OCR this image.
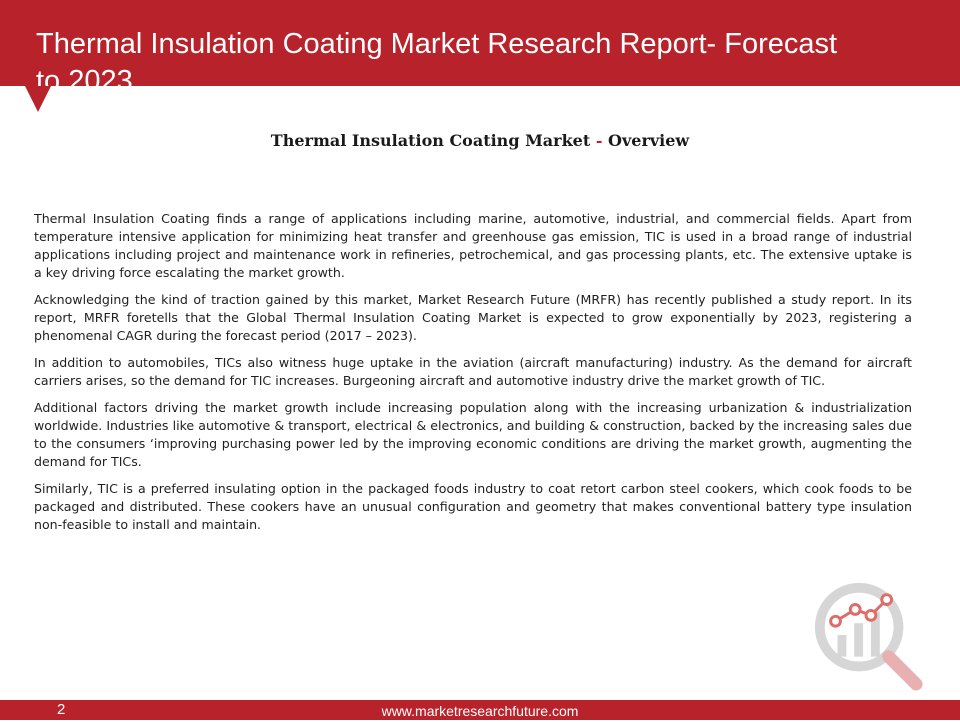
Thermal Insulation Coating Market Research Report- Forecast

Thermal Insulation Coating Market - Overview

Thermal Insulation Coating finds a range of applications including marine, automotive, industrial, and commercial fields. Apart from temperature intensive application for minimizing heat transfer and greenhouse gas emission, TIC is used in a broad range of industrial applications including project and maintenance work in refineries, petrochemical, and gas processing plants, etc. The extensive uptake is a key driving force escalating the market growth.

Acknowledging the kind of traction gained by this market, Market Research Future (MRFR) has recently published a study report. In its report, MRFR foretells that the Global Thermal Insulation Coating Market is expected to grow exponentially by 2023, registering a phenomenal CAGR during the forecast period (2017 – 2023).

In addition to automobiles, TICs also witness huge uptake in the aviation (aircraft manufacturing) industry. As the demand for aircraft carriers arises, so the demand for TIC increases. Burgeoning aircraft and automotive industry drive the market growth of TIC.

Additional factors driving the market growth include increasing population along with the increasing urbanization & industrialization worldwide. Industries like automotive & transport, electrical & electronics, and building & construction, backed by the increasing sales due to the consumers ‘improving purchasing power led by the improving economic conditions are driving the market growth, augmenting the demand for TICs.

Similarly, TIC is a preferred insulating option in the packaged foods industry to coat retort carbon steel cookers, which cook foods to be packaged and distributed. These cookers have an unusual configuration and geometry that makes conventional battery type insulation non-feasible to install and maintain.

2	www.marketresearchfuture.com
